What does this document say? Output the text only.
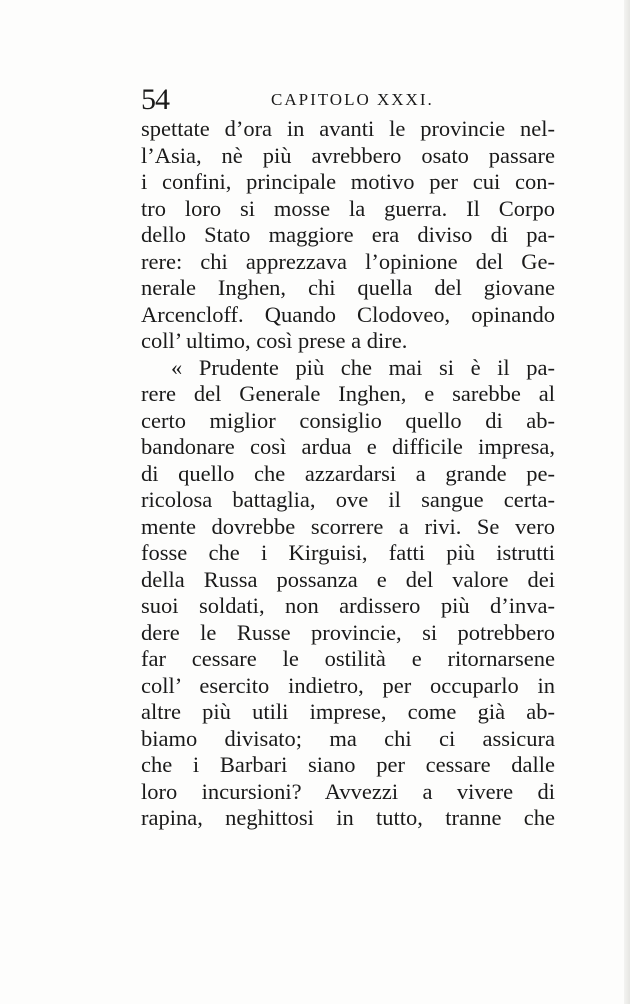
54	CAPITOLO XXXI.
spettate d’ora in avanti le provincie nel-
l’Asia, nè più avrebbero osato passare
i confini, principale motivo per cui con-
tro loro si mosse la guerra. Il Corpo
dello Stato maggiore era diviso di pa-
rere: chi apprezzava l’opinione del Ge-
nerale Inghen, chi quella del giovane
Arcencloff. Quando Clodoveo, opinando
coll’ ultimo, così prese a dire.
« Prudente più che mai si è il pa-
rere del Generale Inghen, e sarebbe al
certo miglior consiglio quello di ab-
bandonare così ardua e difficile impresa,
di quello che azzardarsi a grande pe-
ricolosa battaglia, ove il sangue certa-
mente dovrebbe scorrere a rivi. Se vero
fosse che i Kirguisi, fatti più istrutti
della Russa possanza e del valore dei
suoi soldati, non ardissero più d’inva-
dere le Russe provincie, si potrebbero
far cessare le ostilità e ritornarsene
coll’ esercito indietro, per occuparlo in
altre più utili imprese, come già ab-
biamo divisato; ma chi ci assicura
che i Barbari siano per cessare dalle
loro incursioni? Avvezzi a vivere di
rapina, neghittosi in tutto, tranne che
